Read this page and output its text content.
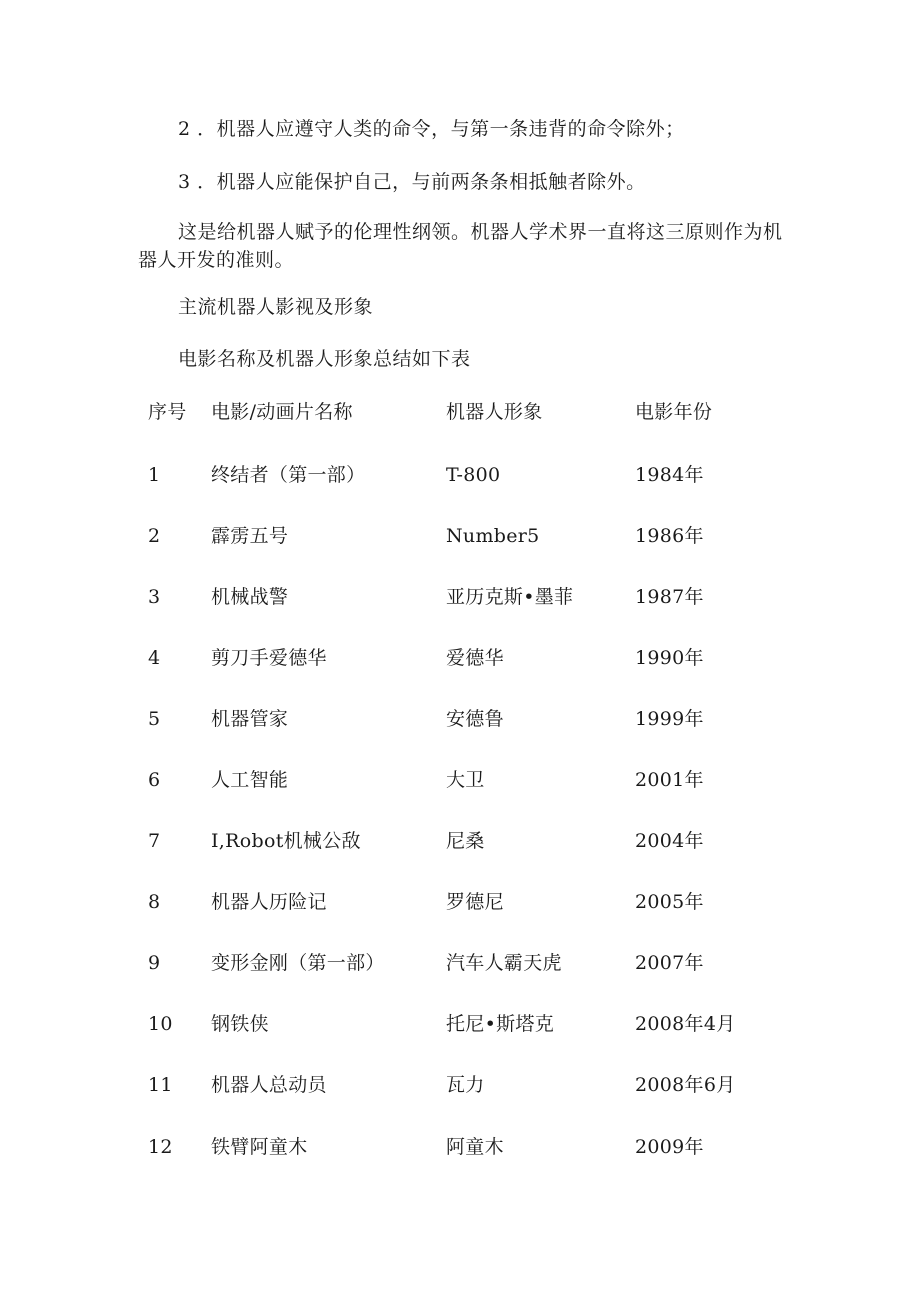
2 ．机器人应遵守人类的命令，与第一条违背的命令除外；

3 ．机器人应能保护自己，与前两条条相抵触者除外。

这是给机器人赋予的伦理性纲领。机器人学术界一直将这三原则作为机器人开发的准则。

主流机器人影视及形象

电影名称及机器人形象总结如下表

序号 电影/动画片名称	机器人形象	电影年份
1	终结者（第一部）	T-800	1984年
2	霹雳五号	Number5	1986年
3	机械战警	亚历克斯•墨菲	1987年
4	剪刀手爱德华	爱德华	1990年
5	机器管家	安德鲁	1999年
6	人工智能	大卫	2001年
7	I,Robot机械公敌	尼桑	2004年
8	机器人历险记	罗德尼	2005年
9	变形金刚（第一部）	汽车人霸天虎	2007年
10 钢铁侠	托尼•斯塔克	2008年4月
11 机器人总动员	瓦力	2008年6月
12 铁臂阿童木	阿童木	2009年
